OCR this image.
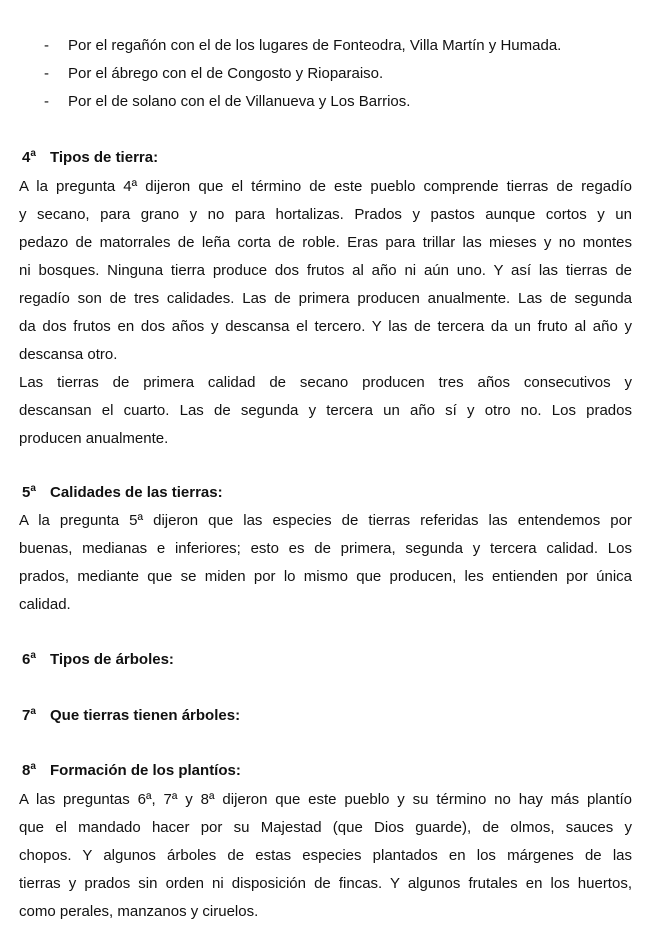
- Por el regañón con el de los lugares de Fonteodra, Villa Martín y Humada.
- Por el ábrego con el de Congosto y Rioparaiso.
- Por el de solano con el de Villanueva y Los Barrios.
4$^a$ Tipos de tierra:
A la pregunta 4ª dijeron que el término de este pueblo comprende tierras de regadío
y secano, para grano y no para hortalizas. Prados y pastos aunque cortos y un
pedazo de matorrales de leña corta de roble. Eras para trillar las mieses y no montes
ni bosques. Ninguna tierra produce dos frutos al año ni aún uno. Y así las tierras de
regadío son de tres calidades. Las de primera producen anualmente. Las de segunda
da dos frutos en dos años y descansa el tercero. Y las de tercera da un fruto al año y
descansa otro.
Las tierras de primera calidad de secano producen tres años consecutivos y
descansan el cuarto. Las de segunda y tercera un año sí y otro no. Los prados
producen anualmente.
5$^a$ Calidades de las tierras:
A la pregunta 5ª dijeron que las especies de tierras referidas las entendemos por
buenas, medianas e inferiores; esto es de primera, segunda y tercera calidad. Los
prados, mediante que se miden por lo mismo que producen, les entienden por única
calidad.
6$^a$ Tipos de árboles:
7$^a$ Que tierras tienen árboles:
8$^a$ Formación de los plantíos:
A las preguntas 6ª, 7ª y 8ª dijeron que este pueblo y su término no hay más plantío
que el mandado hacer por su Majestad (que Dios guarde), de olmos, sauces y
chopos. Y algunos árboles de estas especies plantados en los márgenes de las
tierras y prados sin orden ni disposición de fincas. Y algunos frutales en los huertos,
como perales, manzanos y ciruelos.
